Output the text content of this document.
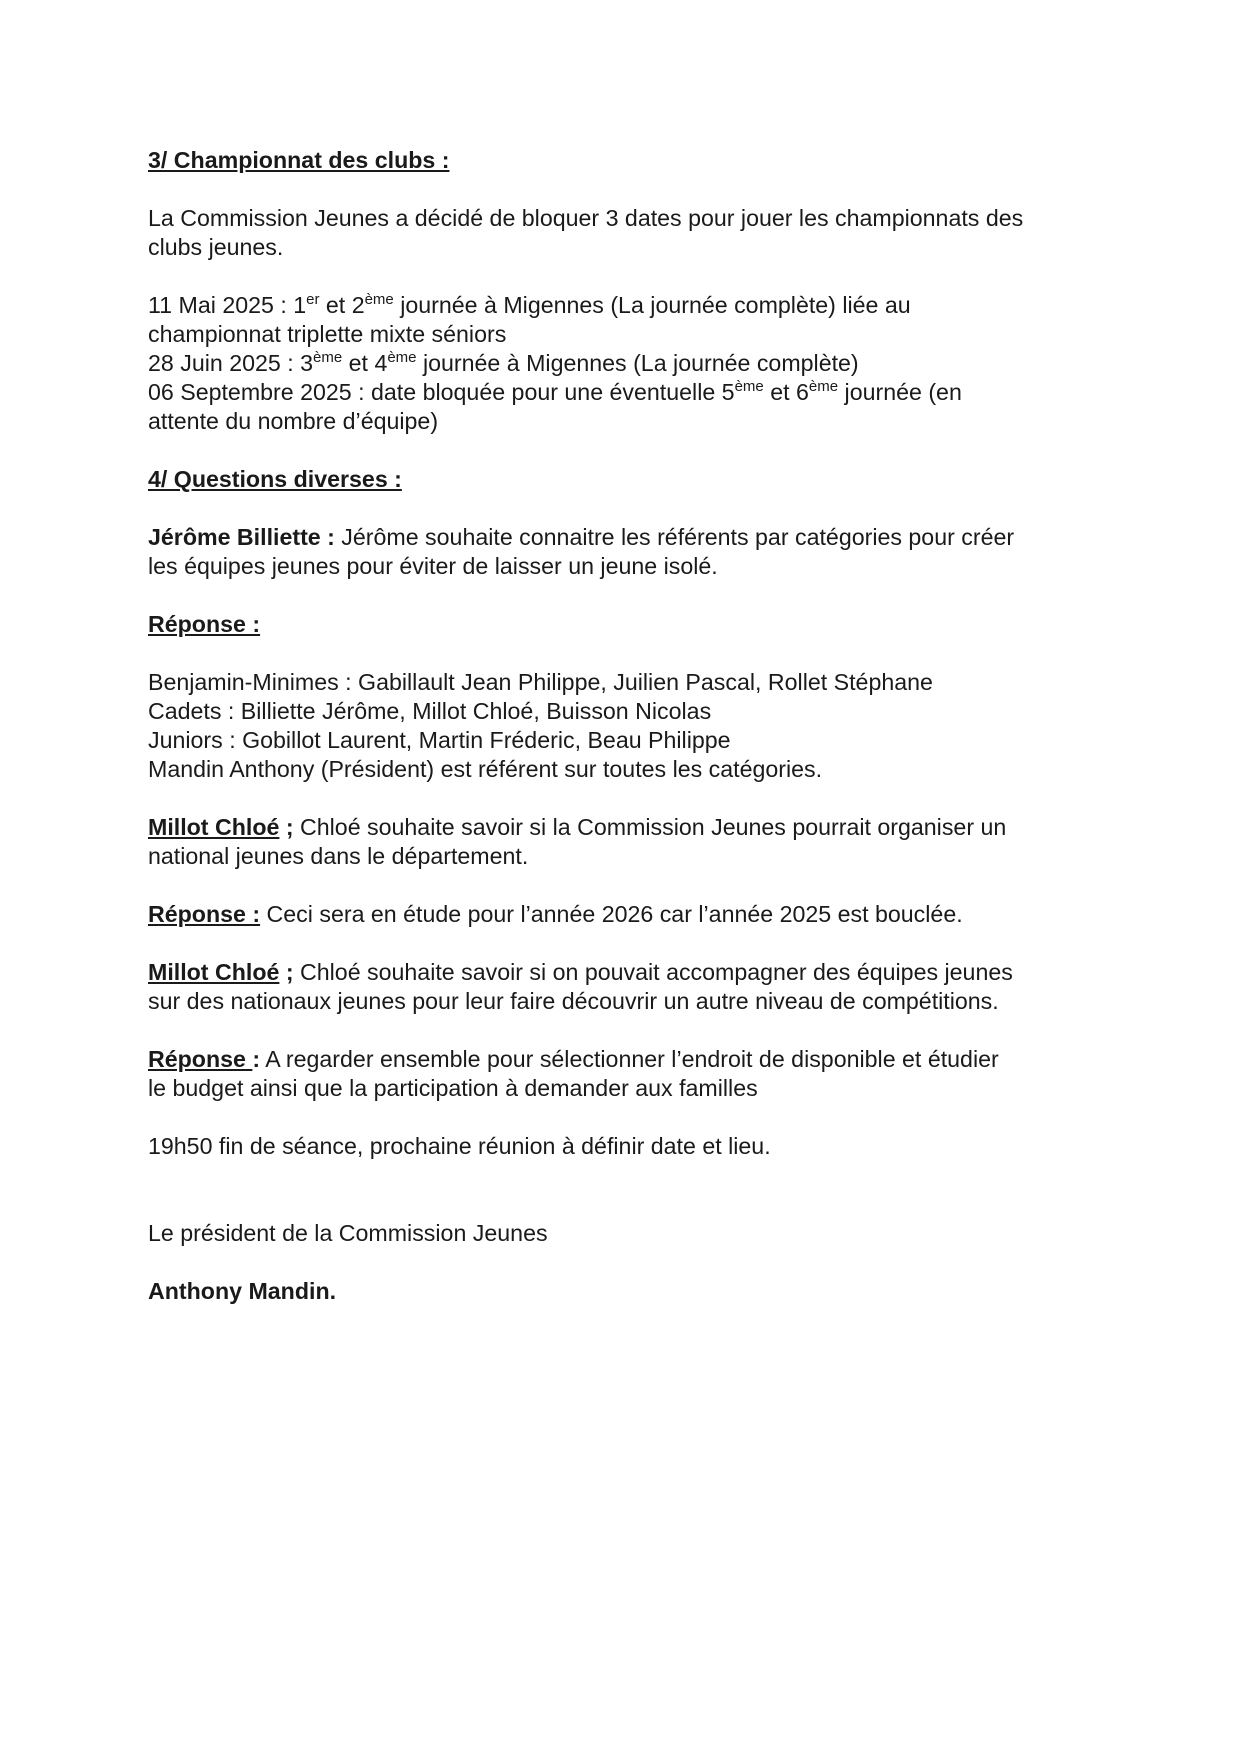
3/ Championnat des clubs :

La Commission Jeunes a décidé de bloquer 3 dates pour jouer les championnats des
clubs jeunes.

11 Mai 2025 : 1er et 2ème journée à Migennes (La journée complète) liée au
championnat triplette mixte séniors

28 Juin 2025 : 3ème et 4ème journée à Migennes (La journée complète)

06 Septembre 2025 : date bloquée pour une éventuelle 5ème et 6ème journée (en
attente du nombre d’équipe)

4/ Questions diverses :

Jérôme Billiette : Jérôme souhaite connaitre les référents par catégories pour créer
les équipes jeunes pour éviter de laisser un jeune isolé.

Réponse :

Benjamin-Minimes : Gabillault Jean Philippe, Juilien Pascal, Rollet Stéphane
Cadets : Billiette Jérôme, Millot Chloé, Buisson Nicolas
Juniors : Gobillot Laurent, Martin Fréderic, Beau Philippe
Mandin Anthony (Président) est référent sur toutes les catégories.

Millot Chloé ; Chloé souhaite savoir si la Commission Jeunes pourrait organiser un
national jeunes dans le département.

Réponse : Ceci sera en étude pour l’année 2026 car l’année 2025 est bouclée.

Millot Chloé ; Chloé souhaite savoir si on pouvait accompagner des équipes jeunes
sur des nationaux jeunes pour leur faire découvrir un autre niveau de compétitions.

Réponse : A regarder ensemble pour sélectionner l’endroit de disponible et étudier
le budget ainsi que la participation à demander aux familles

19h50 fin de séance, prochaine réunion à définir date et lieu.

Le président de la Commission Jeunes

Anthony Mandin.
